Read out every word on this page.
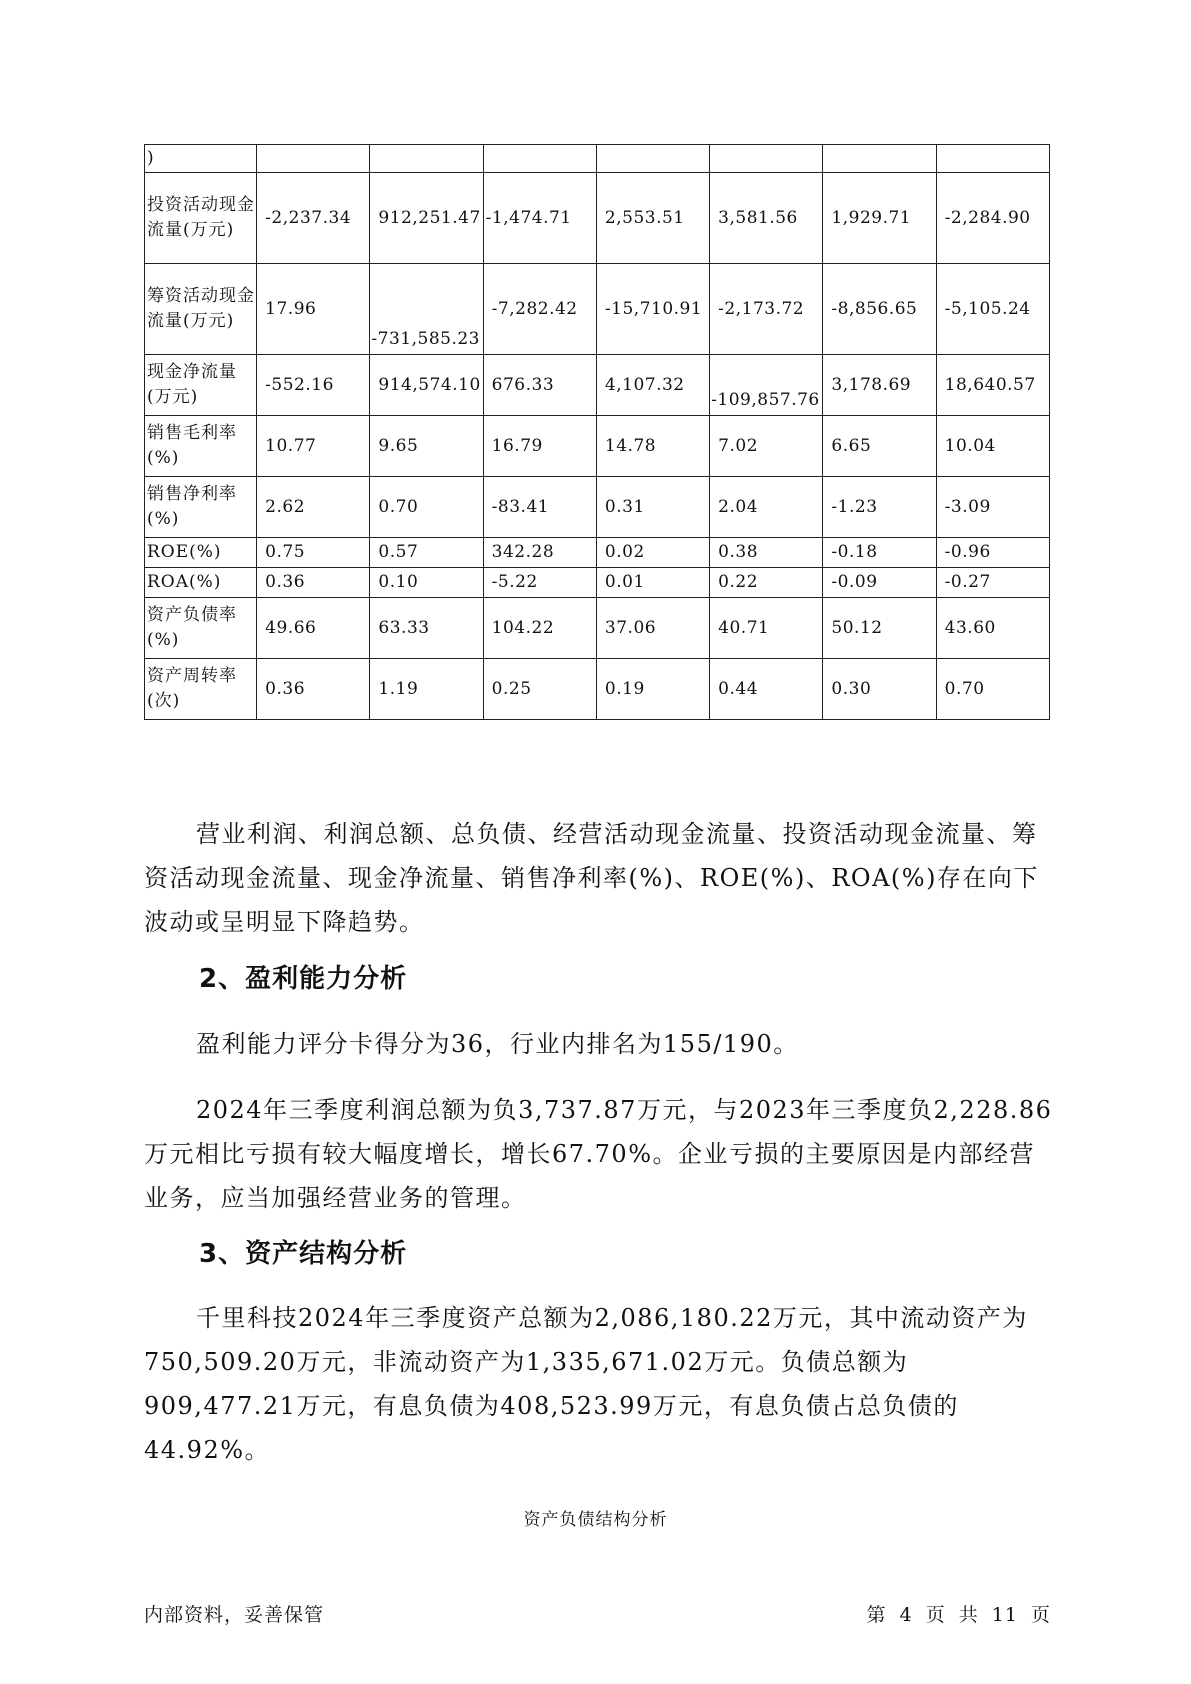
)							
投资活动现金流量(万元)	-2,237.34	912,251.47	-1,474.71	2,553.51	3,581.56	1,929.71	-2,284.90
筹资活动现金流量(万元)	17.96	-731,585.23	-7,282.42	-15,710.91	-2,173.72	-8,856.65	-5,105.24
现金净流量(万元)	-552.16	914,574.10	676.33	4,107.32	-109,857.76	3,178.69	18,640.57
销售毛利率(%)	10.77	9.65	16.79	14.78	7.02	6.65	10.04
销售净利率(%)	2.62	0.70	-83.41	0.31	2.04	-1.23	-3.09
ROE(%)	0.75	0.57	342.28	0.02	0.38	-0.18	-0.96
ROA(%)	0.36	0.10	-5.22	0.01	0.22	-0.09	-0.27
资产负债率(%)	49.66	63.33	104.22	37.06	40.71	50.12	43.60
资产周转率(次)	0.36	1.19	0.25	0.19	0.44	0.30	0.70

营业利润、利润总额、总负债、经营活动现金流量、投资活动现金流量、筹资活动现金流量、现金净流量、销售净利率(%)、ROE(%)、ROA(%)存在向下波动或呈明显下降趋势。

2、盈利能力分析

盈利能力评分卡得分为36，行业内排名为155/190。

2024年三季度利润总额为负3,737.87万元，与2023年三季度负2,228.86万元相比亏损有较大幅度增长，增长67.70%。企业亏损的主要原因是内部经营业务，应当加强经营业务的管理。

3、资产结构分析

千里科技2024年三季度资产总额为2,086,180.22万元，其中流动资产为750,509.20万元，非流动资产为1,335,671.02万元。负债总额为909,477.21万元，有息负债为408,523.99万元，有息负债占总负债的44.92%。

资产负债结构分析
内部资料，妥善保管	第 4 页 共 11 页
